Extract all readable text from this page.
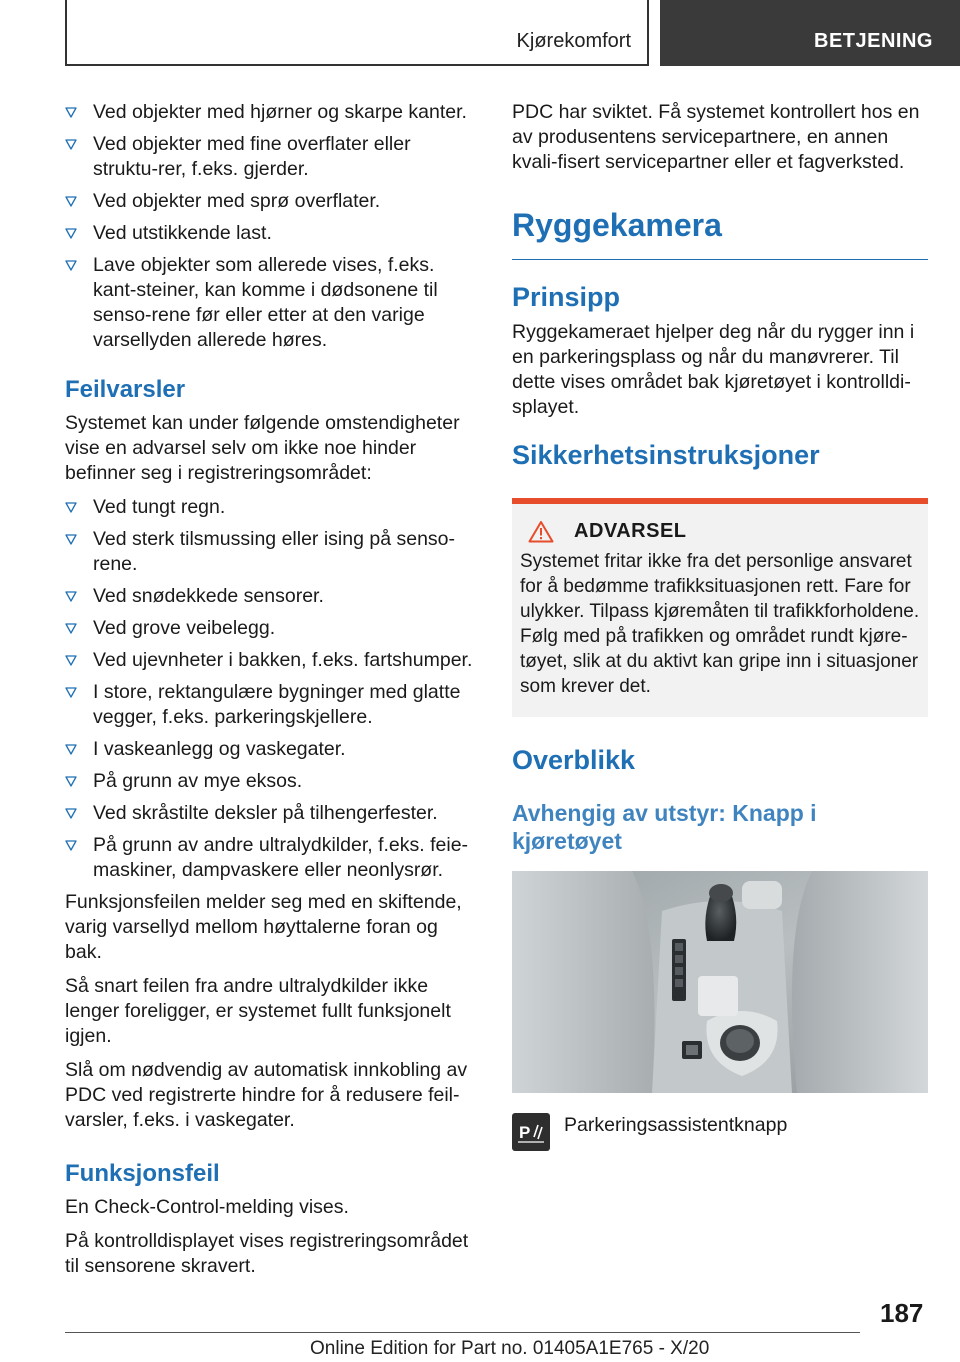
Kjørekomfort	BETJENING
Ved objekter med hjørner og skarpe kanter.
Ved objekter med fine overflater eller struktu‐rer, f.eks. gjerder.
Ved objekter med sprø overflater.
Ved utstikkende last.
Lave objekter som allerede vises, f.eks. kant‐steiner, kan komme i dødsonene til senso‐rene før eller etter at den varige varsellyden allerede høres.
Feilvarsler

Systemet kan under følgende omstendigheter vise en advarsel selv om ikke noe hinder befinner seg i registreringsområdet:

Ved tungt regn.
Ved sterk tilsmussing eller ising på senso‐rene.
Ved snødekkede sensorer.
Ved grove veibelegg.
Ved ujevnheter i bakken, f.eks. fartshumper.
I store, rektangulære bygninger med glatte vegger, f.eks. parkeringskjellere.
I vaskeanlegg og vaskegater.
På grunn av mye eksos.
Ved skråstilte deksler på tilhengerfester.
På grunn av andre ultralydkilder, f.eks. feie‐maskiner, dampvaskere eller neonlysrør.

Funksjonsfeilen melder seg med en skiftende, varig varsellyd mellom høyttalerne foran og bak.

Så snart feilen fra andre ultralydkilder ikke lenger foreligger, er systemet fullt funksjonelt igjen.

Slå om nødvendig av automatisk innkobling av PDC ved registrerte hindre for å redusere feil‐varsler, f.eks. i vaskegater.

Funksjonsfeil

En Check-Control-melding vises.

På kontrolldisplayet vises registreringsområdet til sensorene skravert.

PDC har sviktet. Få systemet kontrollert hos en av produsentens servicepartnere, en annen kvali‐fisert servicepartner eller et fagverksted.

Ryggekamera
Prinsipp

Ryggekameraet hjelper deg når du rygger inn i en parkeringsplass og når du manøvrerer. Til dette vises området bak kjøretøyet i kontrolldi‐splayet.

Sikkerhetsinstruksjoner
ADVARSEL

Systemet fritar ikke fra det personlige ansvaret for å bedømme trafikksituasjonen rett. Fare for ulykker. Tilpass kjøremåten til trafikkforholdene. Følg med på trafikken og området rundt kjøre‐tøyet, slik at du aktivt kan gripe inn i situasjoner som krever det.

Overblikk
Avhengig av utstyr: Knapp i kjøretøyet
P Parkeringsassistentknapp
187
Online Edition for Part no. 01405A1E765 - X/20
